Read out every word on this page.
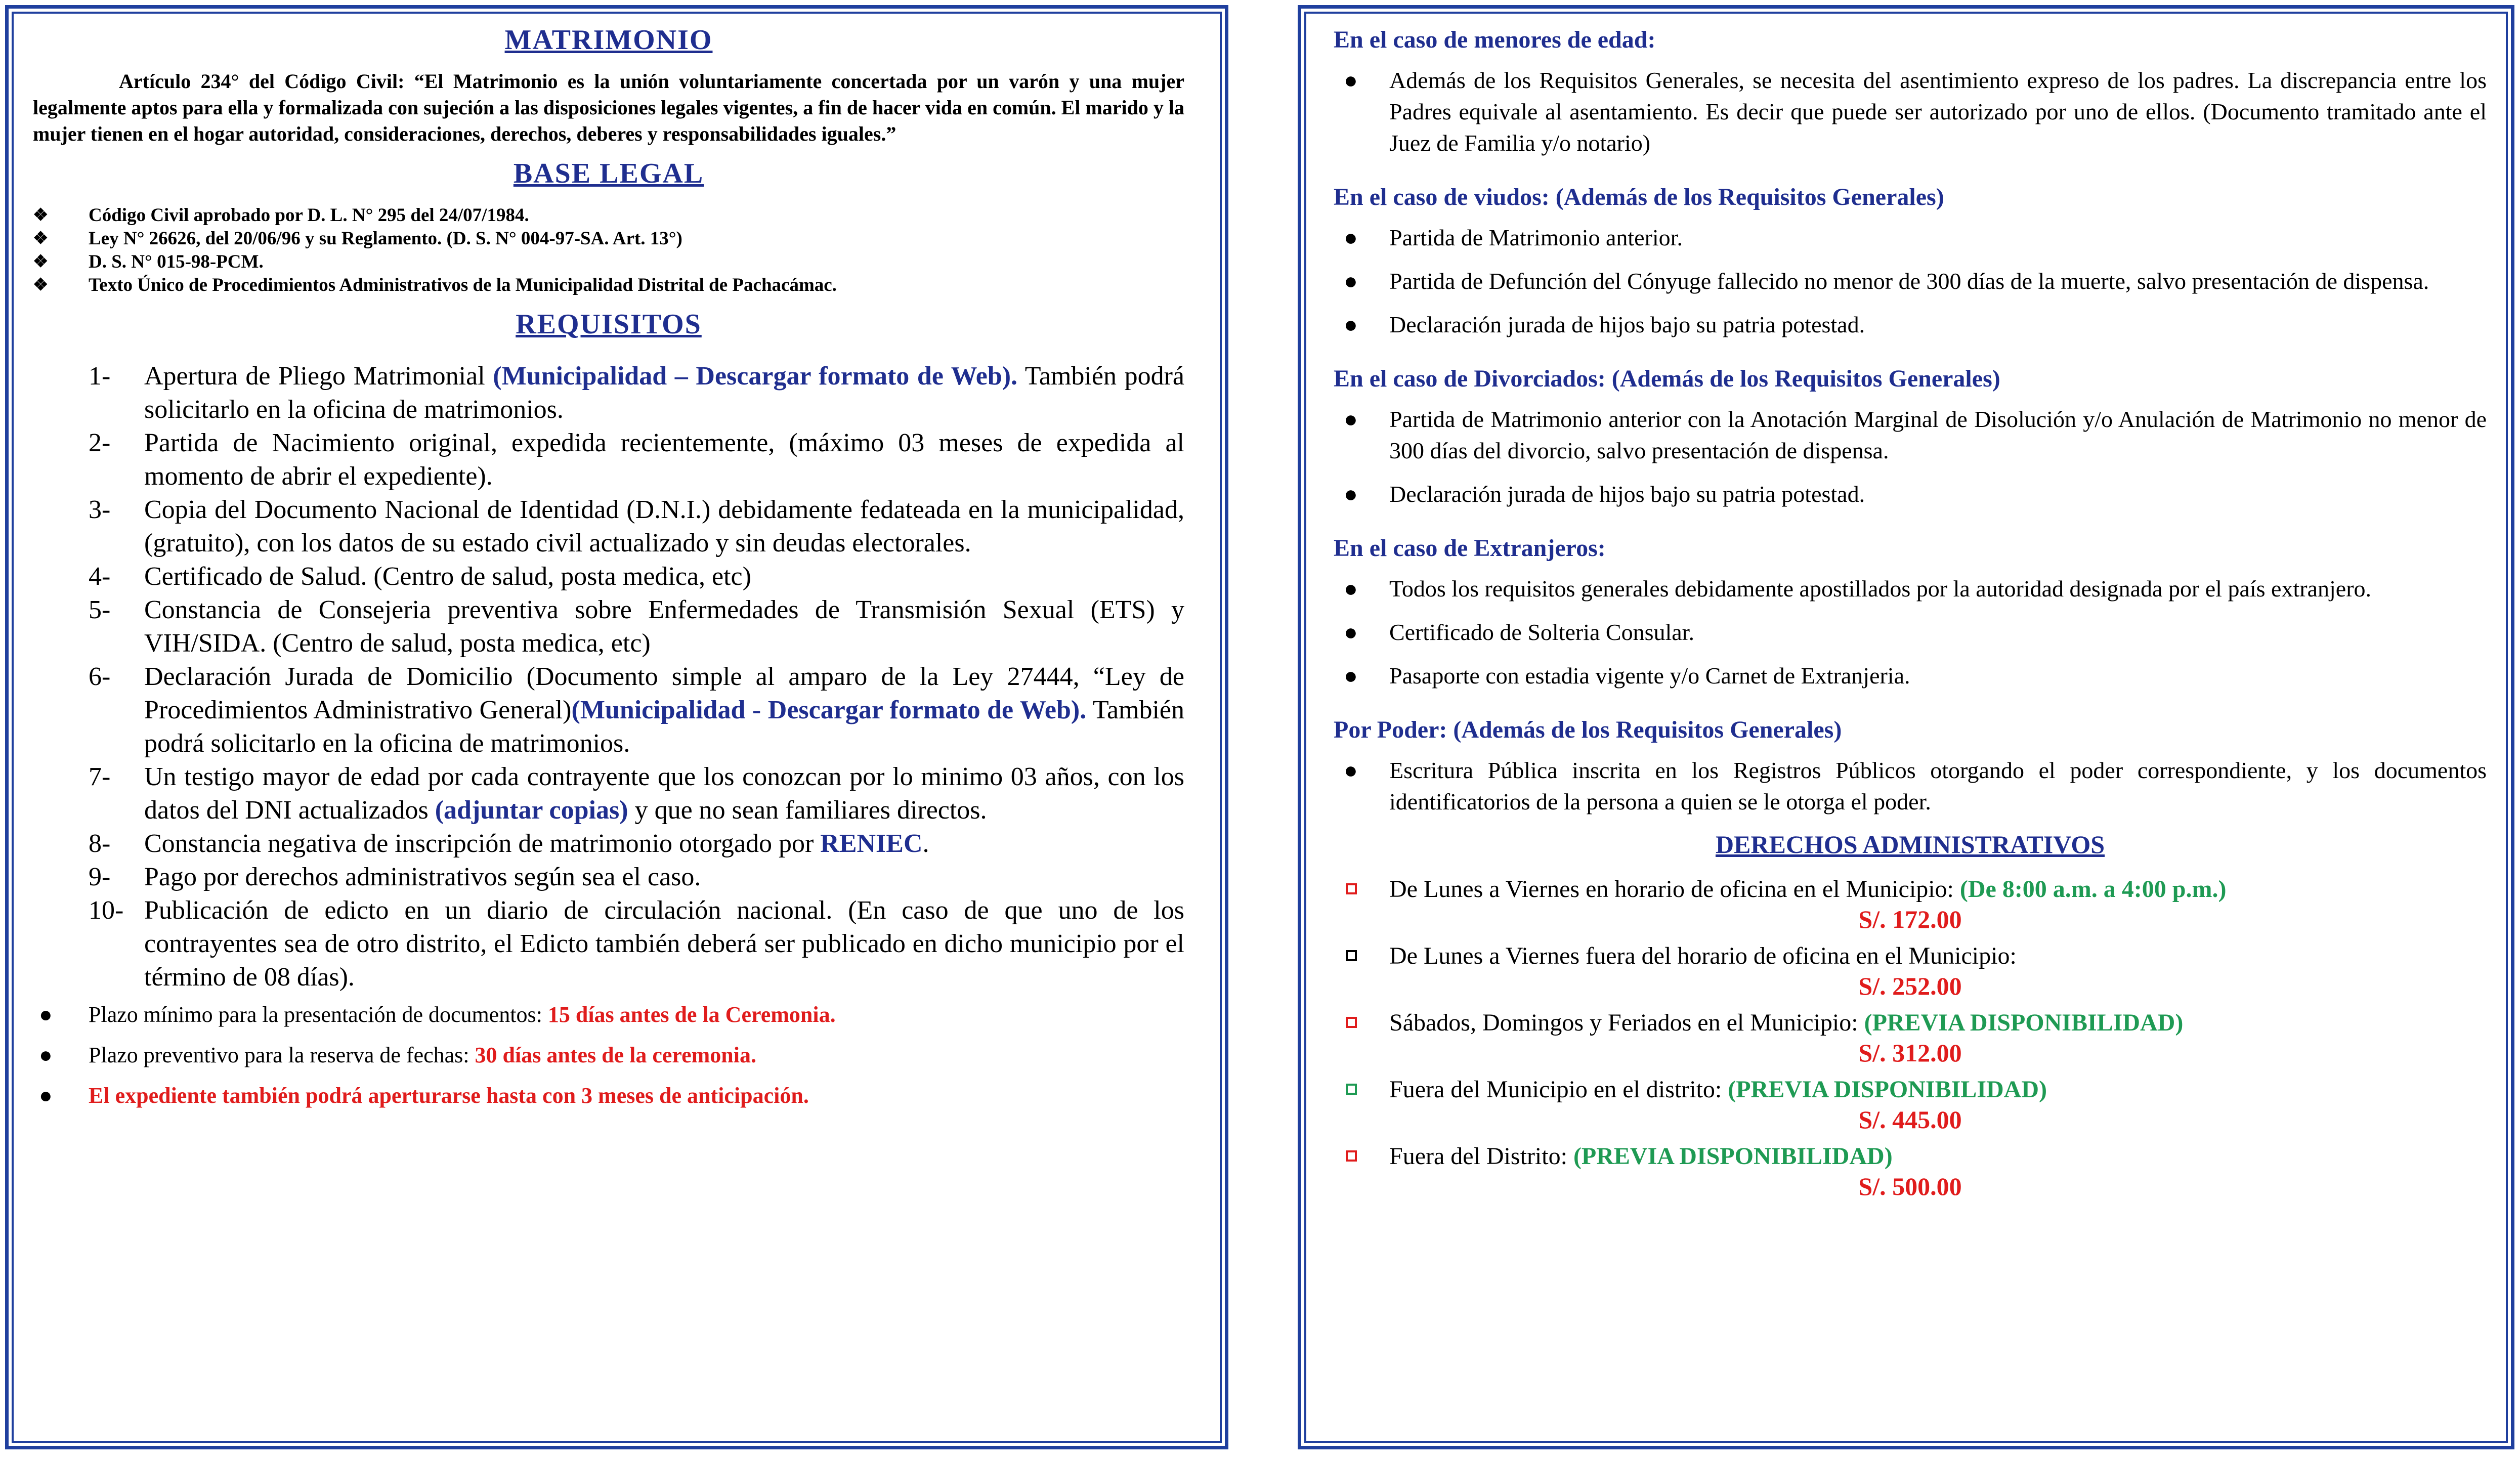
MATRIMONIO

Artículo 234° del Código Civil: “El Matrimonio es la unión voluntariamente concertada por un varón y una mujer legalmente aptos para ella y formalizada con sujeción a las disposiciones legales vigentes, a fin de hacer vida en común. El marido y la mujer tienen en el hogar autoridad, consideraciones, derechos, deberes y responsabilidades iguales.”

BASE LEGAL
❖ Código Civil aprobado por D. L. N° 295 del 24/07/1984.
❖ Ley N° 26626, del 20/06/96 y su Reglamento. (D. S. N° 004-97-SA. Art. 13°)
❖ D. S. N° 015-98-PCM.
❖ Texto Único de Procedimientos Administrativos de la Municipalidad Distrital de Pachacámac.
REQUISITOS
1- Apertura de Pliego Matrimonial (Municipalidad – Descargar formato de Web). También podrá solicitarlo en la oficina de matrimonios.
2- Partida de Nacimiento original, expedida recientemente, (máximo 03 meses de expedida al momento de abrir el expediente).
3- Copia del Documento Nacional de Identidad (D.N.I.) debidamente fedateada en la municipalidad, (gratuito), con los datos de su estado civil actualizado y sin deudas electorales.
4- Certificado de Salud. (Centro de salud, posta medica, etc)
5- Constancia de Consejeria preventiva sobre Enfermedades de Transmisión Sexual (ETS) y VIH/SIDA. (Centro de salud, posta medica, etc)
6- Declaración Jurada de Domicilio (Documento simple al amparo de la Ley 27444, “Ley de Procedimientos Administrativo General)(Municipalidad - Descargar formato de Web). También podrá solicitarlo en la oficina de matrimonios.
7- Un testigo mayor de edad por cada contrayente que los conozcan por lo minimo 03 años, con los datos del DNI actualizados (adjuntar copias) y que no sean familiares directos.
8- Constancia negativa de inscripción de matrimonio otorgado por RENIEC.
9- Pago por derechos administrativos según sea el caso.
10- Publicación de edicto en un diario de circulación nacional. (En caso de que uno de los contrayentes sea de otro distrito, el Edicto también deberá ser publicado en dicho municipio por el término de 08 días).
● Plazo mínimo para la presentación de documentos: 15 días antes de la Ceremonia.
● Plazo preventivo para la reserva de fechas: 30 días antes de la ceremonia.
● El expediente también podrá aperturarse hasta con 3 meses de anticipación.
En el caso de menores de edad:
● Además de los Requisitos Generales, se necesita del asentimiento expreso de los padres. La discrepancia entre los Padres equivale al asentamiento. Es decir que puede ser autorizado por uno de ellos. (Documento tramitado ante el Juez de Familia y/o notario)
En el caso de viudos: (Además de los Requisitos Generales)
● Partida de Matrimonio anterior.
● Partida de Defunción del Cónyuge fallecido no menor de 300 días de la muerte, salvo presentación de dispensa.
● Declaración jurada de hijos bajo su patria potestad.
En el caso de Divorciados: (Además de los Requisitos Generales)
● Partida de Matrimonio anterior con la Anotación Marginal de Disolución y/o Anulación de Matrimonio no menor de 300 días del divorcio, salvo presentación de dispensa.
● Declaración jurada de hijos bajo su patria potestad.
En el caso de Extranjeros:
● Todos los requisitos generales debidamente apostillados por la autoridad designada por el país extranjero.
● Certificado de Solteria Consular.
● Pasaporte con estadia vigente y/o Carnet de Extranjeria.
Por Poder: (Además de los Requisitos Generales)
● Escritura Pública inscrita en los Registros Públicos otorgando el poder correspondiente, y los documentos identificatorios de la persona a quien se le otorga el poder.
DERECHOS ADMINISTRATIVOS
De Lunes a Viernes en horario de oficina en el Municipio: (De 8:00 a.m. a 4:00 p.m.)
S/. 172.00
De Lunes a Viernes fuera del horario de oficina en el Municipio:
S/. 252.00
Sábados, Domingos y Feriados en el Municipio: (PREVIA DISPONIBILIDAD)
S/. 312.00
Fuera del Municipio en el distrito: (PREVIA DISPONIBILIDAD)
S/. 445.00
Fuera del Distrito: (PREVIA DISPONIBILIDAD)
S/. 500.00
